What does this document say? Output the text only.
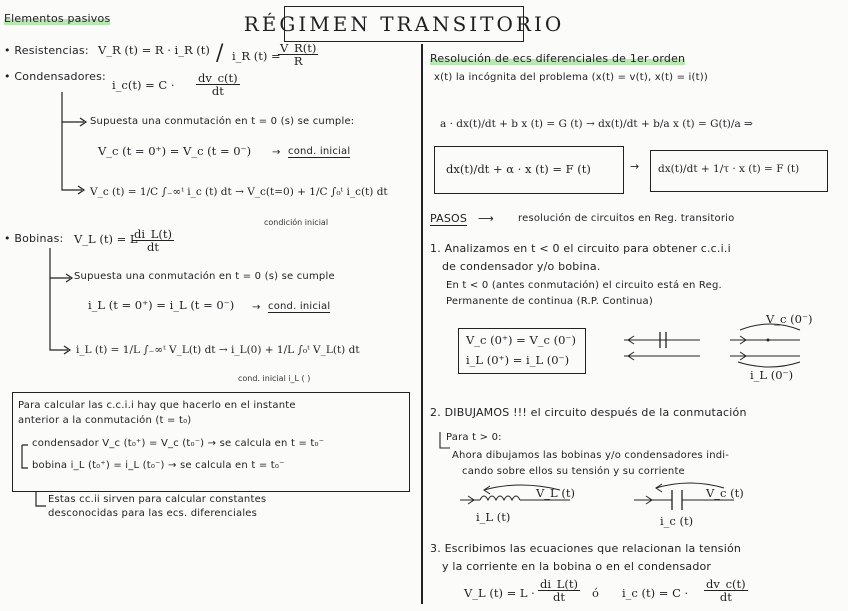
RÉGIMEN TRANSITORIO
Elementos pasivos
• Resistencias: V_R (t) = R · i_R (t) / i_R (t) =
$\frac{V\_R(t)}{R}$
• Condensadores:
i_c(t) = $C \cdot \frac{dv\_c(t)}{dt}$
Supuesta una conmutación en t = 0 (s) se cumple:
V_c (t = 0⁺) = V_c (t = 0⁻) → cond. inicial
V_c (t) = 1/C ∫₋∞ᵗ i_c (t) dt → V_c(t=0) + 1/C ∫₀ᵗ i_c(t) dt
condición inicial
• Bobinas: V_L (t) = L
$\frac{di\_L(t)}{dt}$
Supuesta una conmutación en t = 0 (s) se cumple
i_L (t = 0⁺) = i_L (t = 0⁻) → cond. inicial
i_L (t) = 1/L ∫₋∞ᵗ V_L(t) dt → i_L(0) + 1/L ∫₀ᵗ V_L(t) dt
cond. inicial i_L ( )
Para calcular las c.c.i.i hay que hacerlo en el instante
anterior a la conmutación (t = t₀)
condensador V_c (t₀⁺) = V_c (t₀⁻) → se calcula en t = t₀⁻
bobina i_L (t₀⁺) = i_L (t₀⁻) → se calcula en t = t₀⁻
Estas cc.ii sirven para calcular constantes
desconocidas para las ecs. diferenciales
Resolución de ecs diferenciales de 1er orden
x(t) la incógnita del problema (x(t) = v(t), x(t) = i(t))
a · dx(t)/dt + b x (t) = G (t) → dx(t)/dt + b/a x (t) = G(t)/a ⇒
dx(t)/dt + α · x (t) = F (t)	→ dx(t)/dt + 1/τ · x (t) = F (t)
PASOS ⟶ resolución de circuitos en Reg. transitorio
1. Analizamos en t < 0 el circuito para obtener c.c.i.i
de condensador y/o bobina.
En t < 0 (antes conmutación) el circuito está en Reg.
Permanente de continua (R.P. Continua)
V_c (0⁺) = V_c (0⁻)
i_L (0⁺) = i_L (0⁻)
V_c (0⁻)
i_L (0⁻)
2. DIBUJAMOS !!! el circuito después de la conmutación
Para t > 0:
Ahora dibujamos las bobinas y/o condensadores indi-
cando sobre ellos su tensión y su corriente
V_L (t)
i_L (t)
V_c (t)
i_c (t)
3. Escribimos las ecuaciones que relacionan la tensión
y la corriente en la bobina o en el condensador
V_L $(t) = L \cdot \frac{di\_L(t)}{dt}$ ó i_c $(t) = C \cdot \frac{dv\_c(t)}{dt}$
